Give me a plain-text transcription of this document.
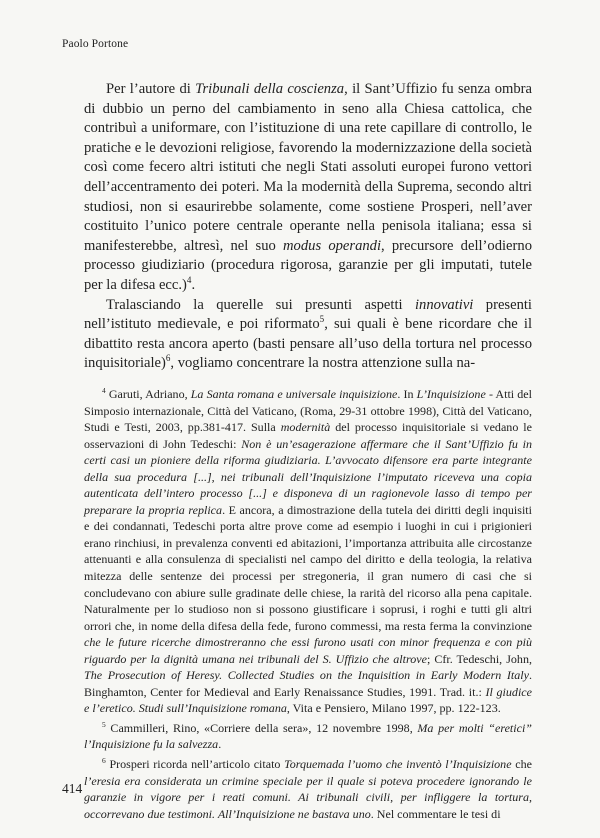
Paolo Portone

Per l’autore di Tribunali della coscienza, il Sant’Uffizio fu senza ombra di dubbio un perno del cambiamento in seno alla Chiesa cattolica, che contribuì a uniformare, con l’istituzione di una rete capillare di controllo, le pratiche e le devozioni religiose, favorendo la modernizzazione della società così come fecero altri istituti che negli Stati assoluti europei furono vettori dell’accentramento dei poteri. Ma la modernità della Suprema, secondo altri studiosi, non si esaurirebbe solamente, come sostiene Prosperi, nell’aver costituito l’unico potere centrale operante nella penisola italiana; essa si manifesterebbe, altresì, nel suo modus operandi, precursore dell’odierno processo giudiziario (procedura rigorosa, garanzie per gli imputati, tutele per la difesa ecc.)$^4$.

Tralasciando la querelle sui presunti aspetti innovativi presenti nell’istituto medievale, e poi riformato$^5$, sui quali è bene ricordare che il dibattito resta ancora aperto (basti pensare all’uso della tortura nel processo inquisitoriale)$^6$, vogliamo concentrare la nostra attenzione sulla na-

$^4$ Garuti, Adriano, La Santa romana e universale inquisizione. In L’Inquisizione - Atti del Simposio internazionale, Città del Vaticano, (Roma, 29-31 ottobre 1998), Città del Vaticano, Studi e Testi, 2003, pp.381-417. Sulla modernità del processo inquisitoriale si vedano le osservazioni di John Tedeschi: Non è un’esagerazione affermare che il Sant’Uffizio fu in certi casi un pioniere della riforma giudiziaria. L’avvocato difensore era parte integrante della sua procedura [...], nei tribunali dell’Inquisizione l’imputato riceveva una copia autenticata dell’intero processo [...] e disponeva di un ragionevole lasso di tempo per preparare la propria replica. E ancora, a dimostrazione della tutela dei diritti degli inquisiti e dei condannati, Tedeschi porta altre prove come ad esempio i luoghi in cui i prigionieri erano rinchiusi, in prevalenza conventi ed abitazioni, l’importanza attribuita alle circostanze attenuanti e alla consulenza di specialisti nel campo del diritto e della teologia, la relativa mitezza delle sentenze dei processi per stregoneria, il gran numero di casi che si concludevano con abiure sulle gradinate delle chiese, la rarità del ricorso alla pena capitale. Naturalmente per lo studioso non si possono giustificare i soprusi, i roghi e tutti gli altri orrori che, in nome della difesa della fede, furono commessi, ma resta ferma la convinzione che le future ricerche dimostreranno che essi furono usati con minor frequenza e con più riguardo per la dignità umana nei tribunali del S. Uffizio che altrove; Cfr. Tedeschi, John, The Prosecution of Heresy. Collected Studies on the Inquisition in Early Modern Italy. Binghamton, Center for Medieval and Early Renaissance Studies, 1991. Trad. it.: Il giudice e l’eretico. Studi sull’Inquisizione romana, Vita e Pensiero, Milano 1997, pp. 122-123.

$^5$ Cammilleri, Rino, «Corriere della sera», 12 novembre 1998, Ma per molti “eretici” l’Inquisizione fu la salvezza.

$^6$ Prosperi ricorda nell’articolo citato Torquemada l’uomo che inventò l’Inquisizione che l’eresia era considerata un crimine speciale per il quale si poteva procedere ignorando le garanzie in vigore per i reati comuni. Ai tribunali civili, per infliggere la tortura, occorrevano due testimoni. All’Inquisizione ne bastava uno. Nel commentare le tesi di

414
